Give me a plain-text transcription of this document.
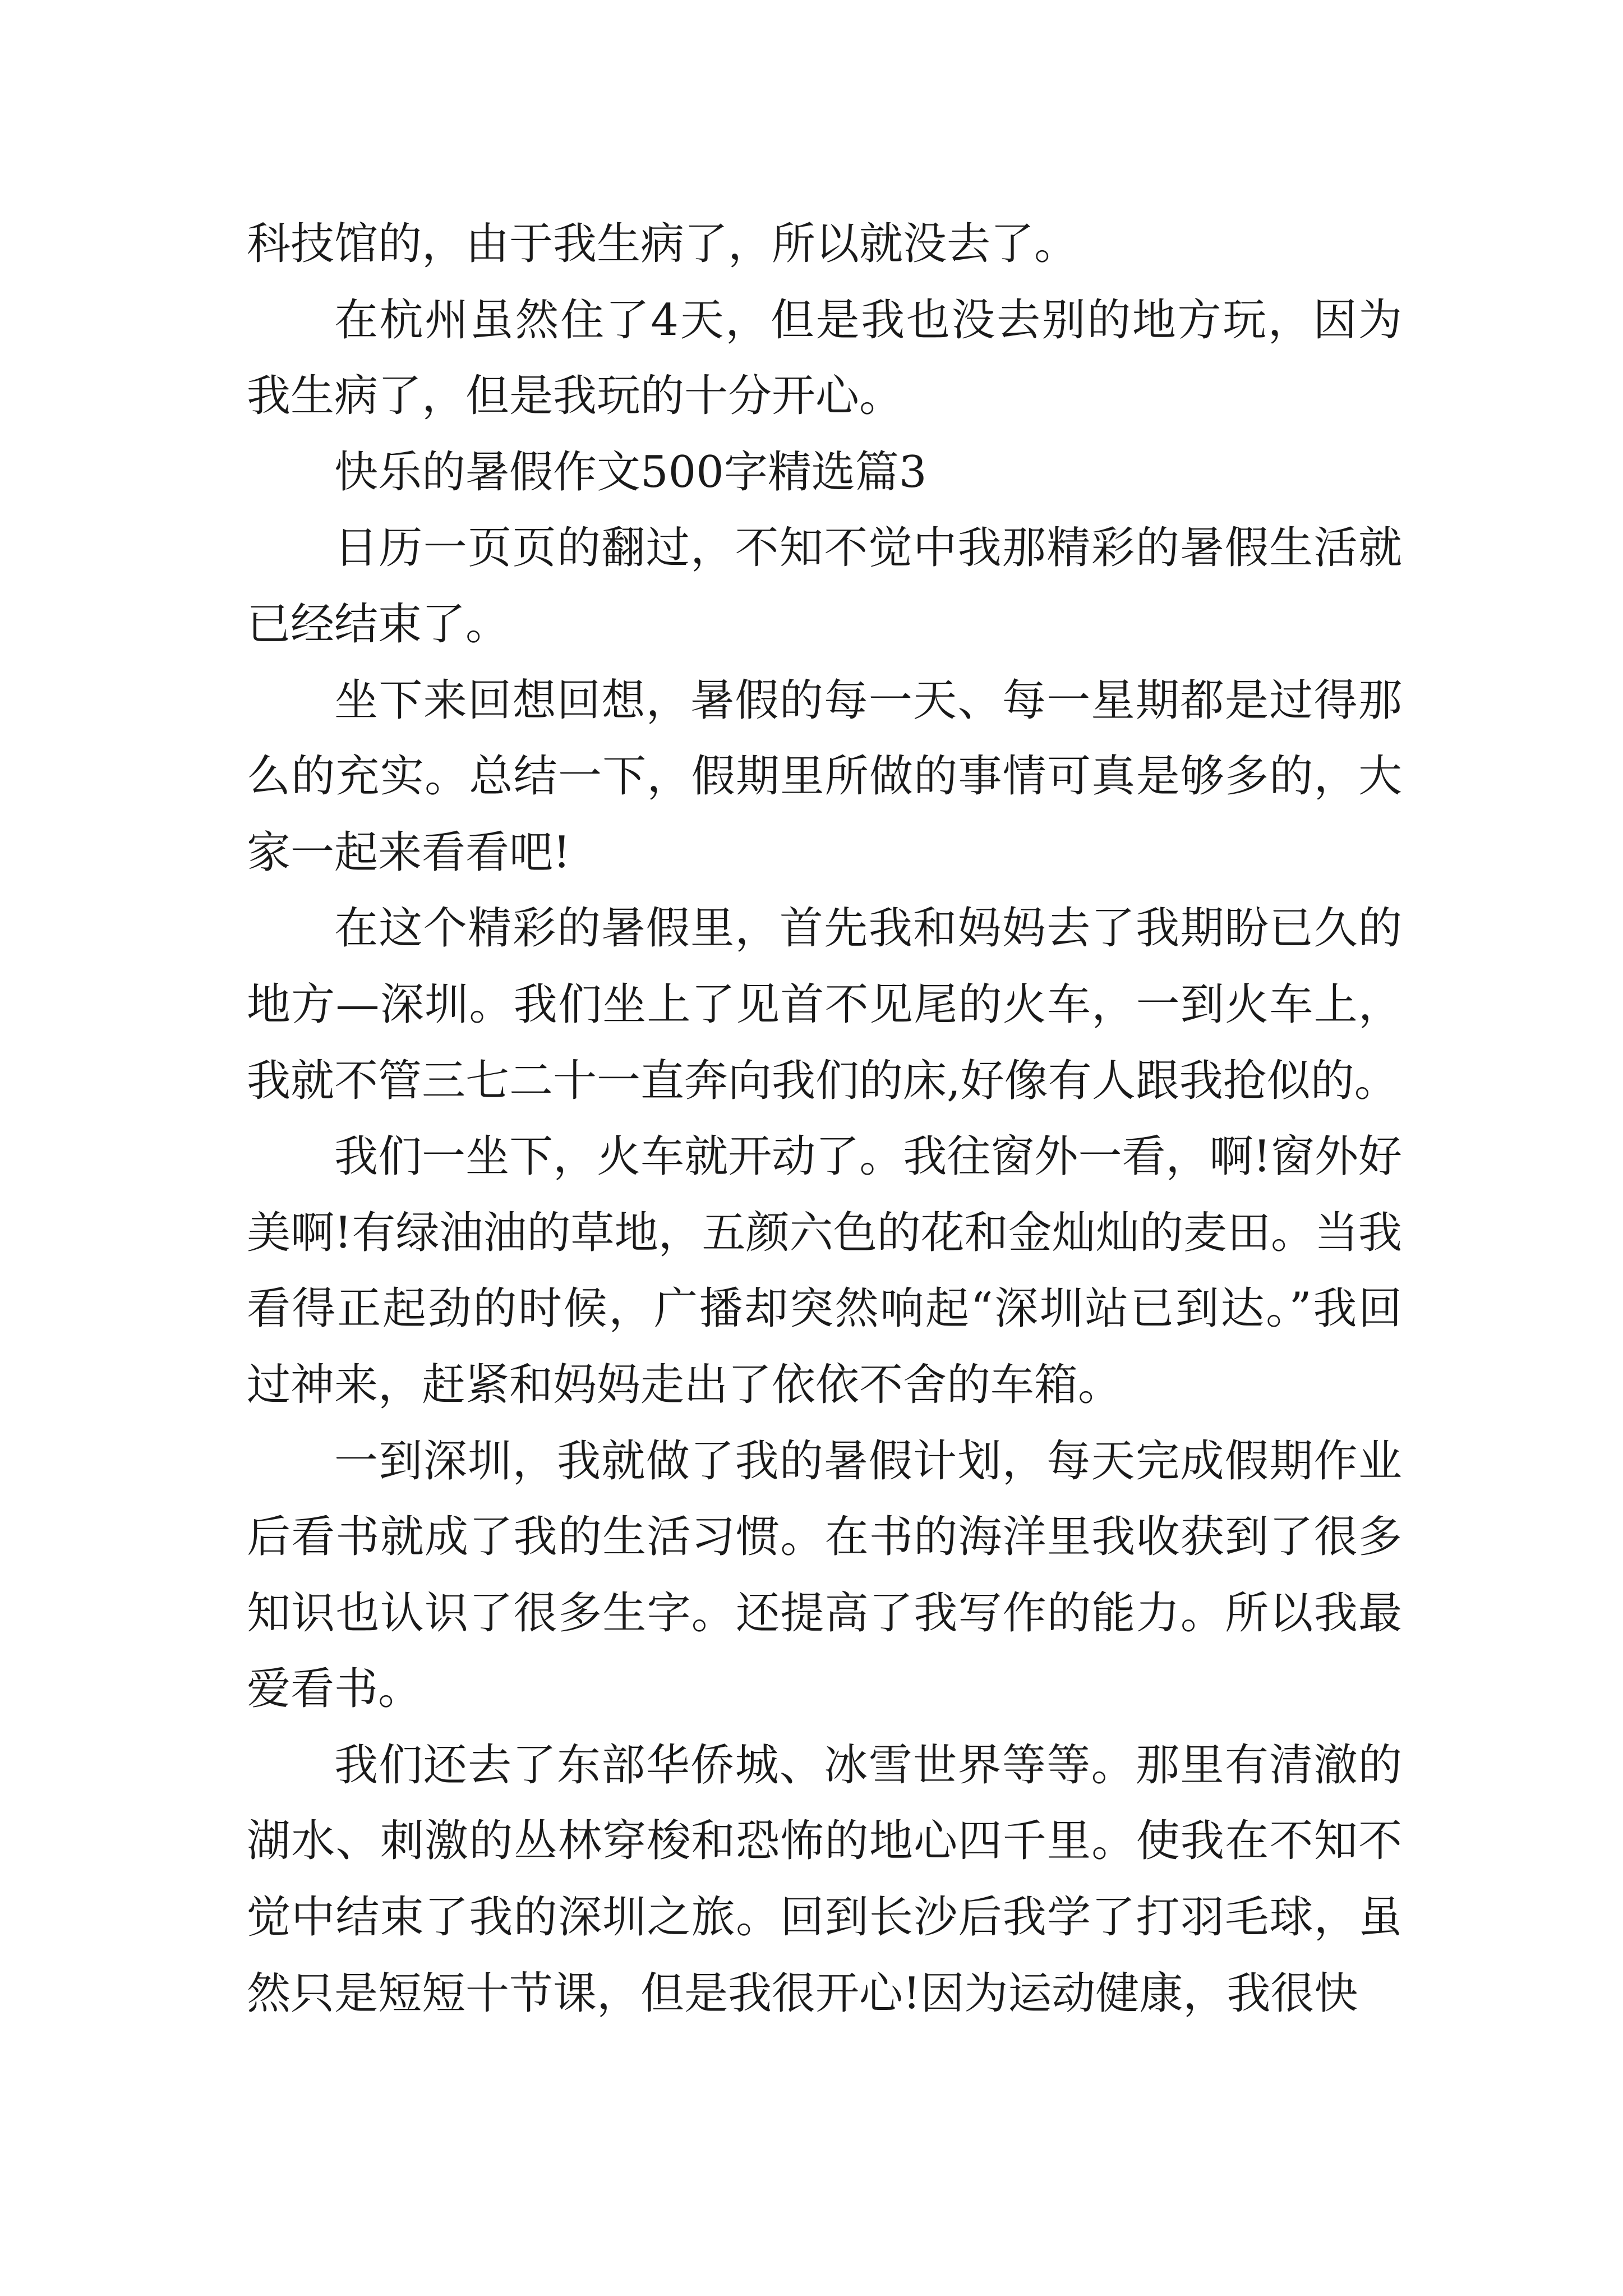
科技馆的，由于我生病了，所以就没去了。

在杭州虽然住了4天，但是我也没去别的地方玩，因为我生病了，但是我玩的十分开心。

快乐的暑假作文500字精选篇3

日历一页页的翻过，不知不觉中我那精彩的暑假生活就已经结束了。

坐下来回想回想，暑假的每一天、每一星期都是过得那么的充实。总结一下，假期里所做的事情可真是够多的，大家一起来看看吧!

在这个精彩的暑假里，首先我和妈妈去了我期盼已久的地方—深圳。我们坐上了见首不见尾的火车，一到火车上，我就不管三七二十一直奔向我们的床,好像有人跟我抢似的。

我们一坐下，火车就开动了。我往窗外一看，啊!窗外好美啊!有绿油油的草地，五颜六色的花和金灿灿的麦田。当我看得正起劲的时候，广播却突然响起“深圳站已到达。”我回过神来，赶紧和妈妈走出了依依不舍的车箱。

一到深圳，我就做了我的暑假计划，每天完成假期作业后看书就成了我的生活习惯。在书的海洋里我收获到了很多知识也认识了很多生字。还提高了我写作的能力。所以我最爱看书。

我们还去了东部华侨城、冰雪世界等等。那里有清澈的湖水、刺激的丛林穿梭和恐怖的地心四千里。使我在不知不觉中结束了我的深圳之旅。回到长沙后我学了打羽毛球，虽然只是短短十节课，但是我很开心!因为运动健康，我很快
